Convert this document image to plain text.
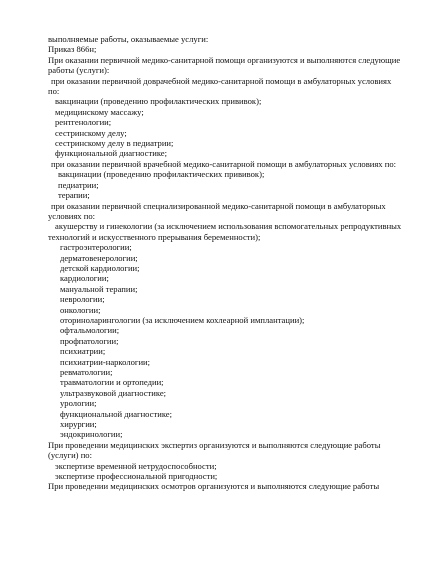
выполняемые работы, оказываемые услуги:

Приказ 866н;

При оказании первичной медико-санитарной помощи организуются и выполняются следующие

работы (услуги):

при оказании первичной доврачебной медико-санитарной помощи в амбулаторных условиях

по:

вакцинации (проведению профилактических прививок);

медицинскому массажу;

рентгенологии;

сестринскому делу;

сестринскому делу в педиатрии;

функциональной диагностике;

при оказании первичной врачебной медико-санитарной помощи в амбулаторных условиях по:

вакцинации (проведению профилактических прививок);

педиатрии;

терапии;

при оказании первичной специализированной медико-санитарной помощи в амбулаторных

условиях по:

акушерству и гинекологии (за исключением использования вспомогательных репродуктивных

технологий и искусственного прерывания беременности);

гастроэнтерологии;

дерматовенерологии;

детской кардиологии;

кардиологии;

мануальной терапии;

неврологии;

онкологии;

оториноларингологии (за исключением кохлеарной имплантации);

офтальмологии;

профпатологии;

психиатрии;

психиатрии-наркологии;

ревматологии;

травматологии и ортопедии;

ультразвуковой диагностике;

урологии;

функциональной диагностике;

хирургии;

эндокринологии;

При проведении медицинских экспертиз организуются и выполняются следующие работы

(услуги) по:

экспертизе временной нетрудоспособности;

экспертизе профессиональной пригодности;

При проведении медицинских осмотров организуются и выполняются следующие работы
